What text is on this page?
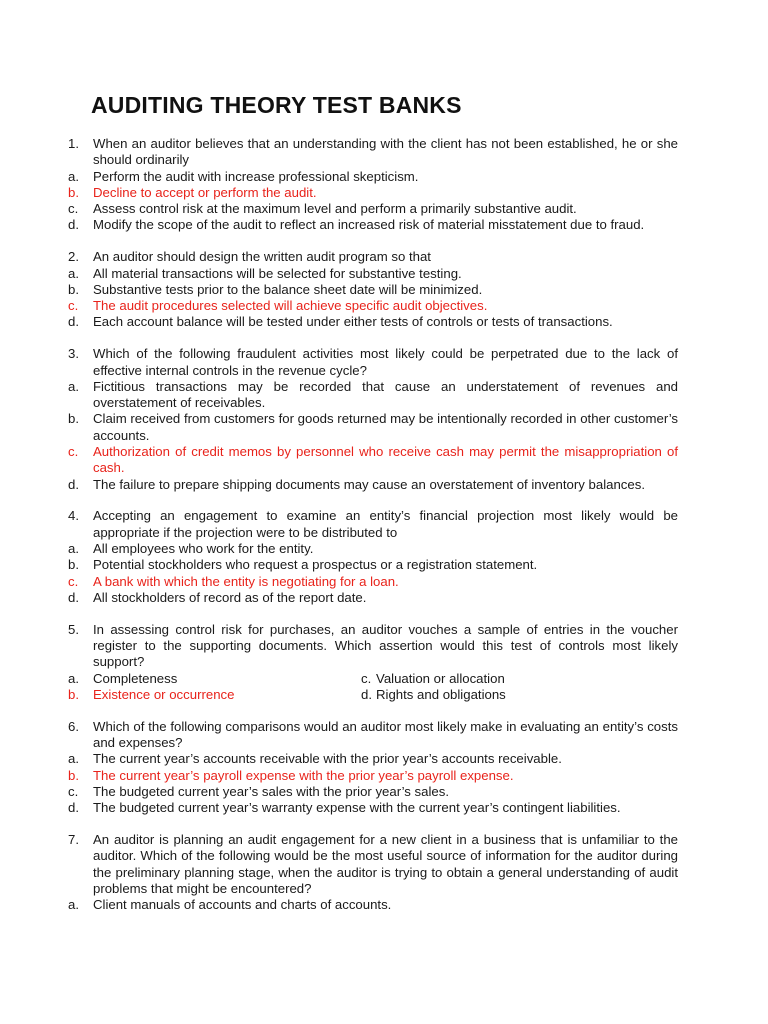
AUDITING THEORY TEST BANKS
1.	When an auditor believes that an understanding with the client has not been established, he or she should ordinarily
a.	Perform the audit with increase professional skepticism.
b.	Decline to accept or perform the audit.
c.	Assess control risk at the maximum level and perform a primarily substantive audit.
d.	Modify the scope of the audit to reflect an increased risk of material misstatement due to fraud.
2.	An auditor should design the written audit program so that
a.	All material transactions will be selected for substantive testing.
b.	Substantive tests prior to the balance sheet date will be minimized.
c.	The audit procedures selected will achieve specific audit objectives.
d.	Each account balance will be tested under either tests of controls or tests of transactions.
3.	Which of the following fraudulent activities most likely could be perpetrated due to the lack of effective internal controls in the revenue cycle?
a.	Fictitious transactions may be recorded that cause an understatement of revenues and overstatement of receivables.
b.	Claim received from customers for goods returned may be intentionally recorded in other customer’s accounts.
c.	Authorization of credit memos by personnel who receive cash may permit the misappropriation of cash.
d.	The failure to prepare shipping documents may cause an overstatement of inventory balances.
4.	Accepting an engagement to examine an entity’s financial projection most likely would be appropriate if the projection were to be distributed to
a.	All employees who work for the entity.
b.	Potential stockholders who request a prospectus or a registration statement.
c.	A bank with which the entity is negotiating for a loan.
d.	All stockholders of record as of the report date.
5.	In assessing control risk for purchases, an auditor vouches a sample of entries in the voucher register to the supporting documents. Which assertion would this test of controls most likely support?
a.	Completeness	c. Valuation or allocation
b.	Existence or occurrence	d. Rights and obligations
6.	Which of the following comparisons would an auditor most likely make in evaluating an entity’s costs and expenses?
a.	The current year’s accounts receivable with the prior year’s accounts receivable.
b.	The current year’s payroll expense with the prior year’s payroll expense.
c.	The budgeted current year’s sales with the prior year’s sales.
d.	The budgeted current year’s warranty expense with the current year’s contingent liabilities.
7.	An auditor is planning an audit engagement for a new client in a business that is unfamiliar to the auditor. Which of the following would be the most useful source of information for the auditor during the preliminary planning stage, when the auditor is trying to obtain a general understanding of audit problems that might be encountered?
a.	Client manuals of accounts and charts of accounts.
